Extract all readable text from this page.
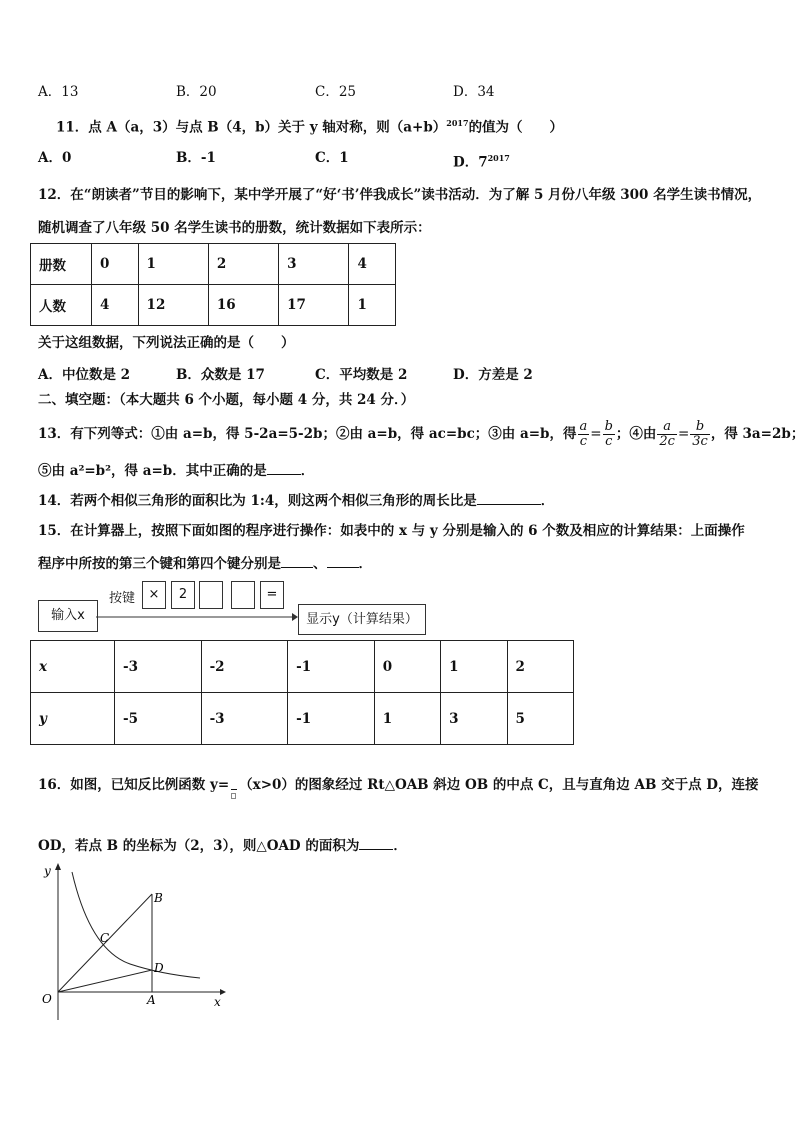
A．13	B．20	C．25	D．34
11．点 A（a，3）与点 B（4，b）关于 y 轴对称，则$(a+b)^{2017}$的值为（　　）
A．0	B．-1	C．1	D．$7^{2017}$
12．在“朗读者”节目的影响下，某中学开展了“好‘书’伴我成长”读书活动．为了解 5 月份八年级 300 名学生读书情况，
随机调查了八年级 50 名学生读书的册数，统计数据如下表所示：
册数	0	1	2	3	4
人数	4	12	16	17	1
关于这组数据，下列说法正确的是（　　）
A．中位数是 2	B．众数是 17	C．平均数是 2	D．方差是 2
二、填空题：（本大题共 6 个小题，每小题 4 分，共 24 分．）
13．有下列等式：①由 a=b，得 5-2a=5-2b；②由 a=b，得 ac=bc；③由 a=b，得 $\frac{a}{c} = \frac{b}{c}$ ；④由 $\frac{a}{2c} = \frac{b}{3c}$ ，得 3a=2b；
⑤由 a²=b²，得 a=b．其中正确的是	．
14．若两个相似三角形的面积比为 1:4，则这两个相似三角形的周长比是	．
15．在计算器上，按照下面如图的程序进行操作：如表中的 x 与 y 分别是输入的 6 个数及相应的计算结果：上面操作
程序中所按的第三个键和第四个键分别是 、 ．
输入x
按键	×	2	=
显示y（计算结果）
x	-3	-2	-1	0	1	2
y	-5	-3	-1	1	3	5
16．如图，已知反比例函数 y= （x>0）的图象经过 Rt△OAB 斜边 OB 的中点 C，且与直角边 AB 交于点 D，连接
OD，若点 B 的坐标为（2，3），则△OAD 的面积为	．
y
x
O	A
B
C
D
